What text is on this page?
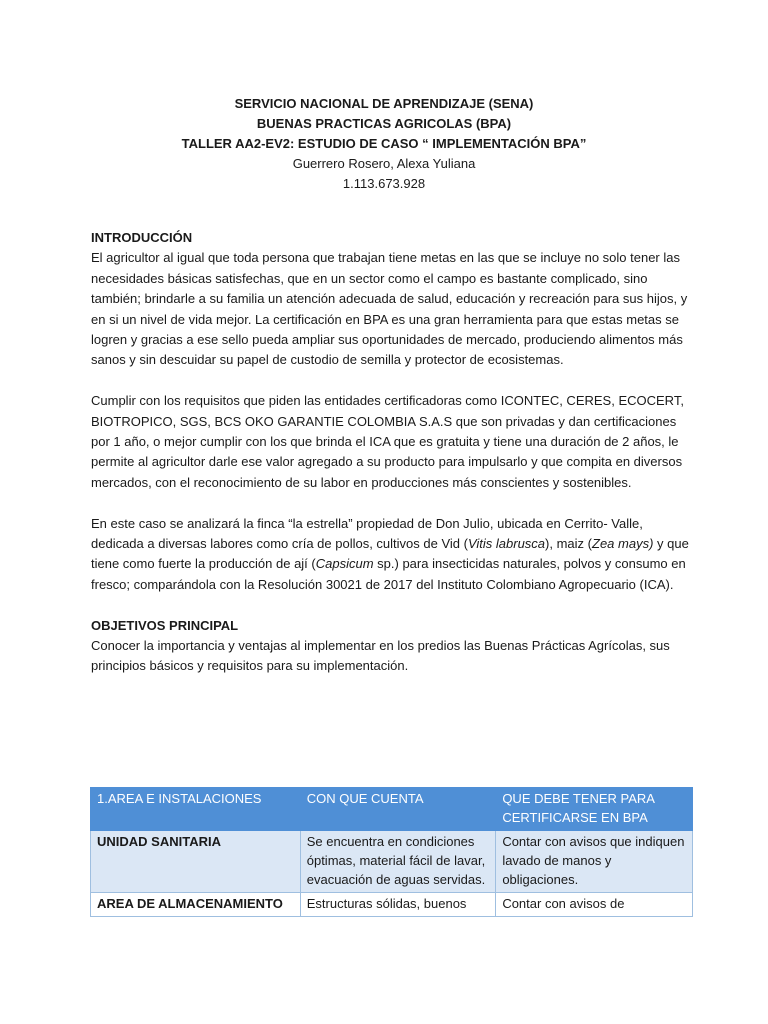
SERVICIO NACIONAL DE APRENDIZAJE (SENA)
BUENAS PRACTICAS AGRICOLAS (BPA)
TALLER AA2-EV2: ESTUDIO DE CASO “ IMPLEMENTACIÓN BPA”
Guerrero Rosero, Alexa Yuliana
1.113.673.928
INTRODUCCIÓN

El agricultor al igual que toda persona que trabajan tiene metas en las que se incluye no solo tener las necesidades básicas satisfechas, que en un sector como el campo es bastante complicado, sino también; brindarle a su familia un atención adecuada de salud, educación y recreación para sus hijos, y en si un nivel de vida mejor. La certificación en BPA es una gran herramienta para que estas metas se logren y gracias a ese sello pueda ampliar sus oportunidades de mercado, produciendo alimentos más sanos y sin descuidar su papel de custodio de semilla y protector de ecosistemas.

Cumplir con los requisitos que piden las entidades certificadoras como ICONTEC, CERES, ECOCERT, BIOTROPICO, SGS, BCS OKO GARANTIE COLOMBIA S.A.S que son privadas y dan certificaciones por 1 año, o mejor cumplir con los que brinda el ICA que es gratuita y tiene una duración de 2 años, le permite al agricultor darle ese valor agregado a su producto para impulsarlo y que compita en diversos mercados, con el reconocimiento de su labor en producciones más conscientes y sostenibles.

En este caso se analizará la finca “la estrella” propiedad de Don Julio, ubicada en Cerrito- Valle, dedicada a diversas labores como cría de pollos, cultivos de Vid (Vitis labrusca), maiz (Zea mays) y que tiene como fuerte la producción de ají (Capsicum sp.) para insecticidas naturales, polvos y consumo en fresco; comparándola con la Resolución 30021 de 2017 del Instituto Colombiano Agropecuario (ICA).

OBJETIVOS PRINCIPAL

Conocer la importancia y ventajas al implementar en los predios las Buenas Prácticas Agrícolas, sus principios básicos y requisitos para su implementación.

1.AREA E INSTALACIONES	CON QUE CUENTA	QUE DEBE TENER PARA CERTIFICARSE EN BPA
UNIDAD SANITARIA	Se encuentra en condiciones óptimas, material fácil de lavar, evacuación de aguas servidas.	Contar con avisos que indiquen lavado de manos y obligaciones.
AREA DE ALMACENAMIENTO	Estructuras sólidas, buenos	Contar con avisos de
